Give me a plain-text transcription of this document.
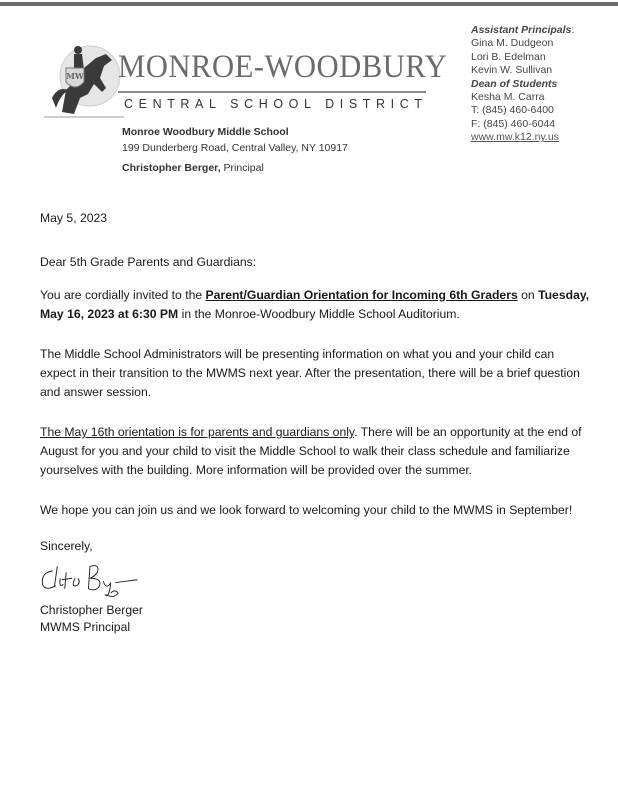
MW MONROE-WOODBURY
CENTRAL SCHOOL DISTRICT
Monroe Woodbury Middle School
199 Dunderberg Road, Central Valley, NY 10917
Christopher Berger, Principal
Assistant Principals:
Gina M. Dudgeon
Lori B. Edelman
Kevin W. Sullivan
Dean of Students
Kesha M. Carra
T: (845) 460-6400
F: (845) 460-6044
www.mw.k12.ny.us

May 5, 2023

Dear 5th Grade Parents and Guardians:

You are cordially invited to the Parent/Guardian Orientation for Incoming 6th Graders on Tuesday, May 16, 2023 at 6:30 PM in the Monroe-Woodbury Middle School Auditorium.

The Middle School Administrators will be presenting information on what you and your child can expect in their transition to the MWMS next year. After the presentation, there will be a brief question and answer session.

The May 16th orientation is for parents and guardians only. There will be an opportunity at the end of August for you and your child to visit the Middle School to walk their class schedule and familiarize yourselves with the building. More information will be provided over the summer.

We hope you can join us and we look forward to welcoming your child to the MWMS in September!

Sincerely,
Christopher Berger
MWMS Principal
